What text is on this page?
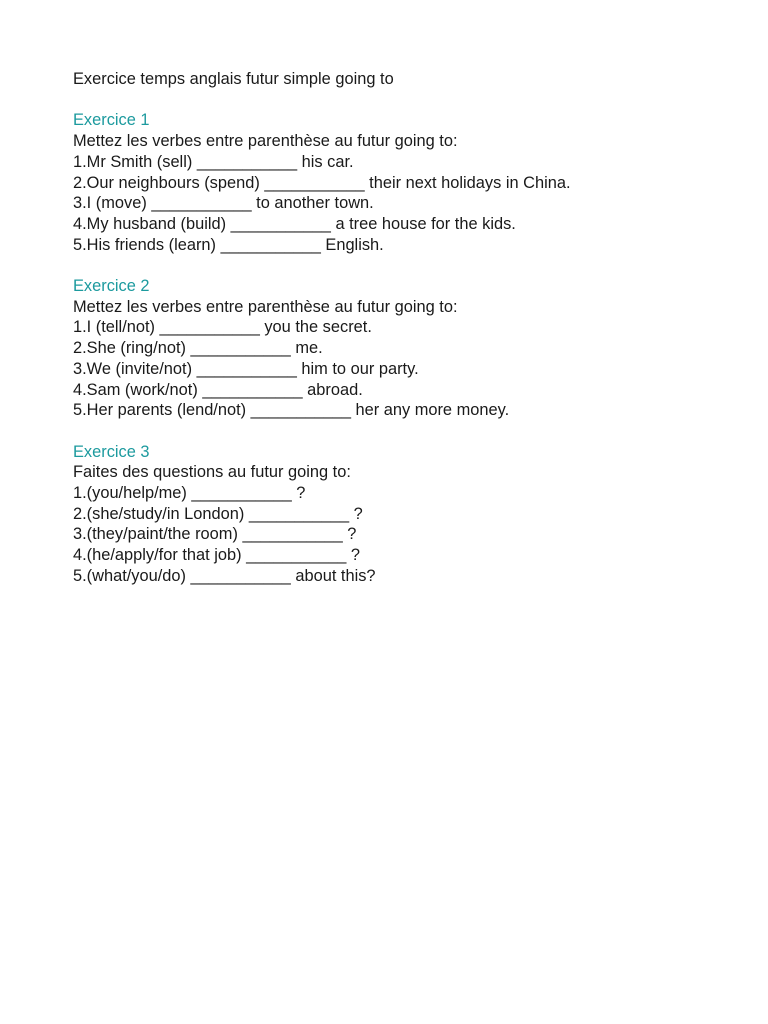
Exercice temps anglais futur simple going to
Exercice 1

Mettez les verbes entre parenthèse au futur going to:

1.Mr Smith (sell) ___________ his car.
2.Our neighbours (spend) ___________ their next holidays in China.
3.I (move) ___________ to another town.
4.My husband (build) ___________ a tree house for the kids.
5.His friends (learn) ___________ English.
Exercice 2

Mettez les verbes entre parenthèse au futur going to:

1.I (tell/not) ___________ you the secret.
2.She (ring/not) ___________ me.
3.We (invite/not) ___________ him to our party.
4.Sam (work/not) ___________ abroad.
5.Her parents (lend/not) ___________ her any more money.
Exercice 3

Faites des questions au futur going to:

1.(you/help/me) ___________ ?
2.(she/study/in London) ___________ ?
3.(they/paint/the room) ___________ ?
4.(he/apply/for that job) ___________ ?
5.(what/you/do) ___________ about this?
